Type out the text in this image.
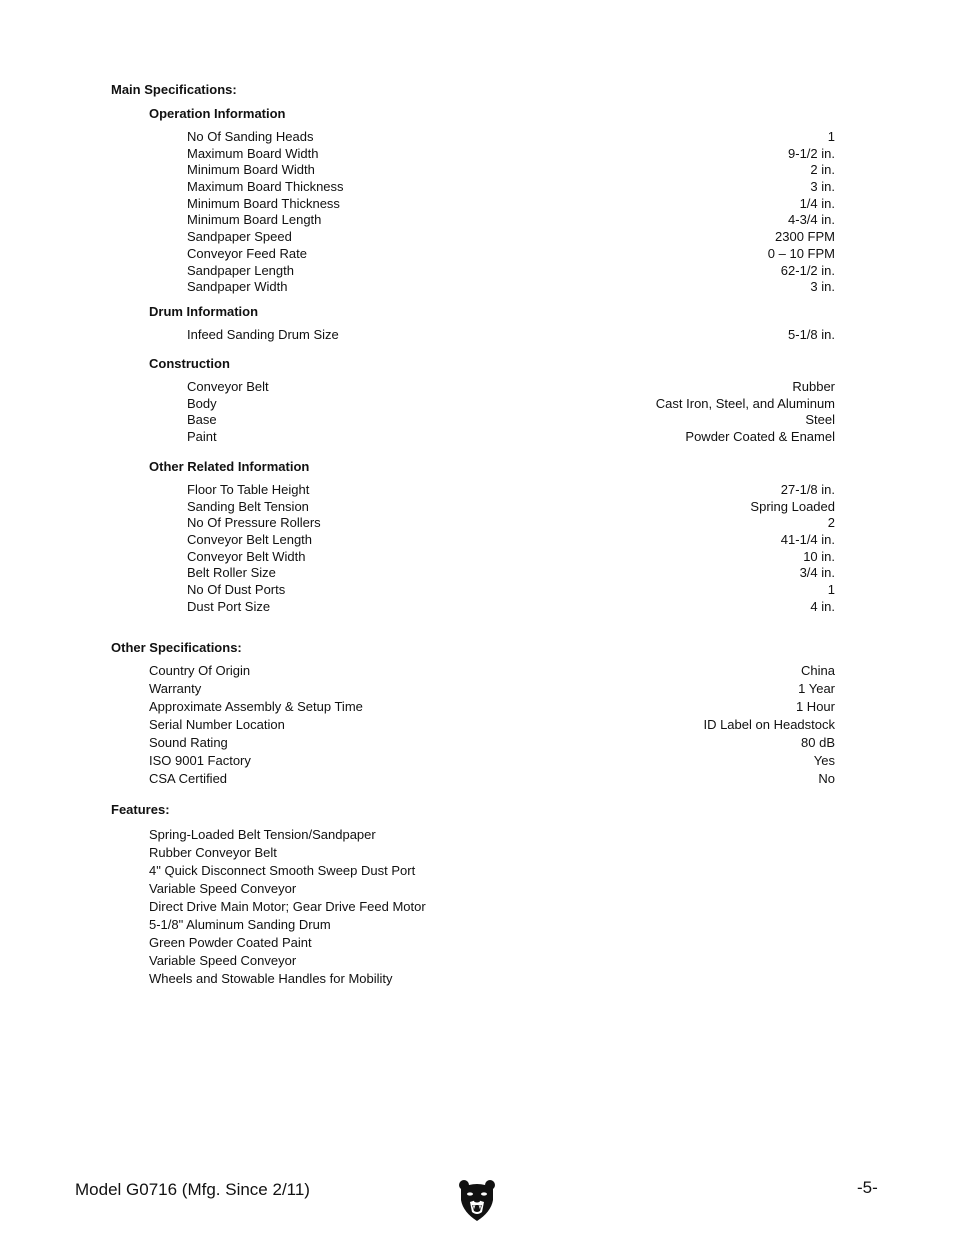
Main Specifications:
Operation Information
No Of Sanding Heads	1
Maximum Board Width	9-1/2 in.
Minimum Board Width	2 in.
Maximum Board Thickness	3 in.
Minimum Board Thickness	1/4 in.
Minimum Board Length	4-3/4 in.
Sandpaper Speed	2300 FPM
Conveyor Feed Rate	0 – 10 FPM
Sandpaper Length	62-1/2 in.
Sandpaper Width	3 in.
Drum Information
Infeed Sanding Drum Size	5-1/8 in.
Construction
Conveyor Belt	Rubber
Body	Cast Iron, Steel, and Aluminum
Base	Steel
Paint	Powder Coated & Enamel
Other Related Information
Floor To Table Height	27-1/8 in.
Sanding Belt Tension	Spring Loaded
No Of Pressure Rollers	2
Conveyor Belt Length	41-1/4 in.
Conveyor Belt Width	10 in.
Belt Roller Size	3/4 in.
No Of Dust Ports	1
Dust Port Size	4 in.
Other Specifications:
Country Of Origin	China
Warranty	1 Year
Approximate Assembly & Setup Time	1 Hour
Serial Number Location	ID Label on Headstock
Sound Rating	80 dB
ISO 9001 Factory	Yes
CSA Certified	No
Features:
Spring-Loaded Belt Tension/Sandpaper
Rubber Conveyor Belt
4" Quick Disconnect Smooth Sweep Dust Port
Variable Speed Conveyor
Direct Drive Main Motor; Gear Drive Feed Motor
5-1/8" Aluminum Sanding Drum
Green Powder Coated Paint
Variable Speed Conveyor
Wheels and Stowable Handles for Mobility
Model G0716 (Mfg. Since 2/11)	-5-
